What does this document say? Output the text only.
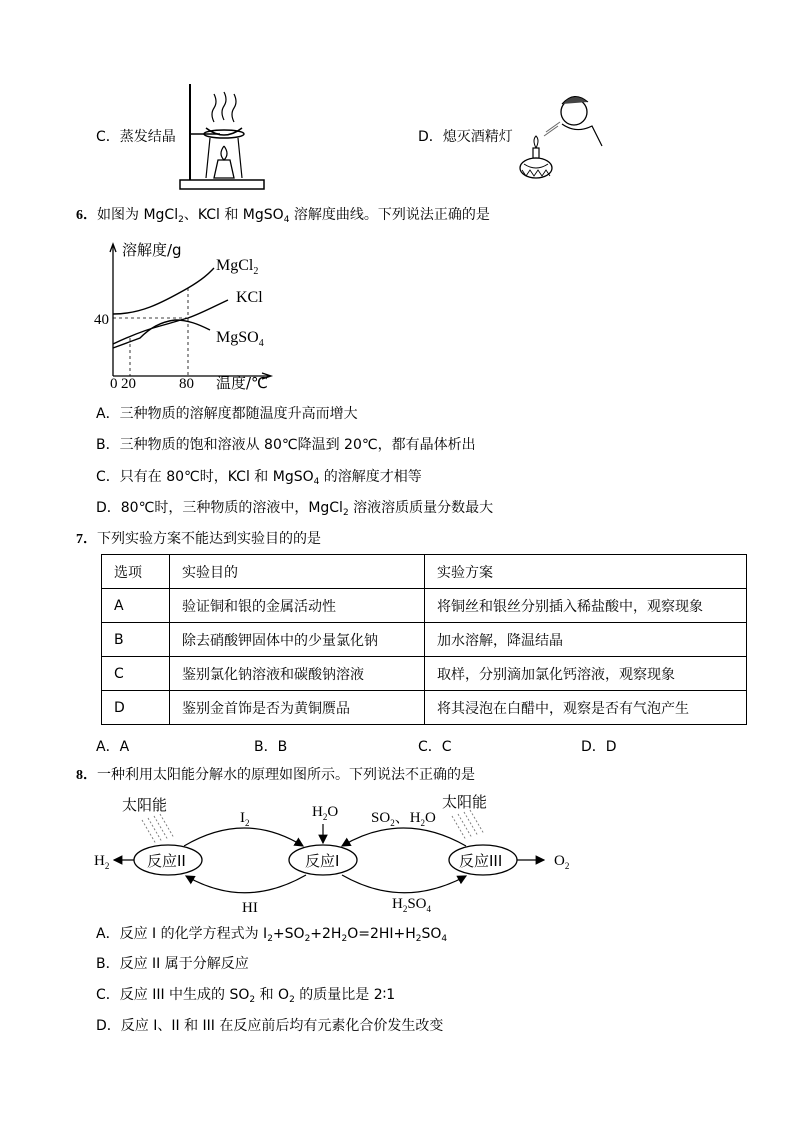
C．蒸发结晶	D．熄灭酒精灯
6．如图为 MgCl$_2$、KCl 和 MgSO$_4$ 溶解度曲线。下列说法正确的是
溶解度/g
40
0 20	80 温度/℃
MgCl$_2$
KCl
MgSO$_4$
A．三种物质的溶解度都随温度升高而增大
B．三种物质的饱和溶液从 80℃降温到 20℃，都有晶体析出
C．只有在 80℃时，KCl 和 MgSO$_4$ 的溶解度才相等
D．80℃时，三种物质的溶液中，MgCl$_2$ 溶液溶质质量分数最大
7．下列实验方案不能达到实验目的的是
选项	实验目的	实验方案
A	验证铜和银的金属活动性	将铜丝和银丝分别插入稀盐酸中，观察现象
B	除去硝酸钾固体中的少量氯化钠	加水溶解，降温结晶
C	鉴别氯化钠溶液和碳酸钠溶液	取样，分别滴加氯化钙溶液，观察现象
D	鉴别金首饰是否为黄铜赝品	将其浸泡在白醋中，观察是否有气泡产生
A．A	B．B	C．C	D．D
8．一种利用太阳能分解水的原理如图所示。下列说法不正确的是
反应II	反应I	反应III
太阳能	太阳能
$I_2$
$H_2O$ $SO_2$、$H_2O$
HI	$H_2SO_4$
$H_2$	$O_2$
A．反应 I 的化学方程式为 $I_2+SO_2+2H_2O=2HI+H_2SO_4$
B．反应 II 属于分解反应
C．反应 III 中生成的 $SO_2$ 和 $O_2$ 的质量比是 2∶1
D．反应 I、II 和 III 在反应前后均有元素化合价发生改变
